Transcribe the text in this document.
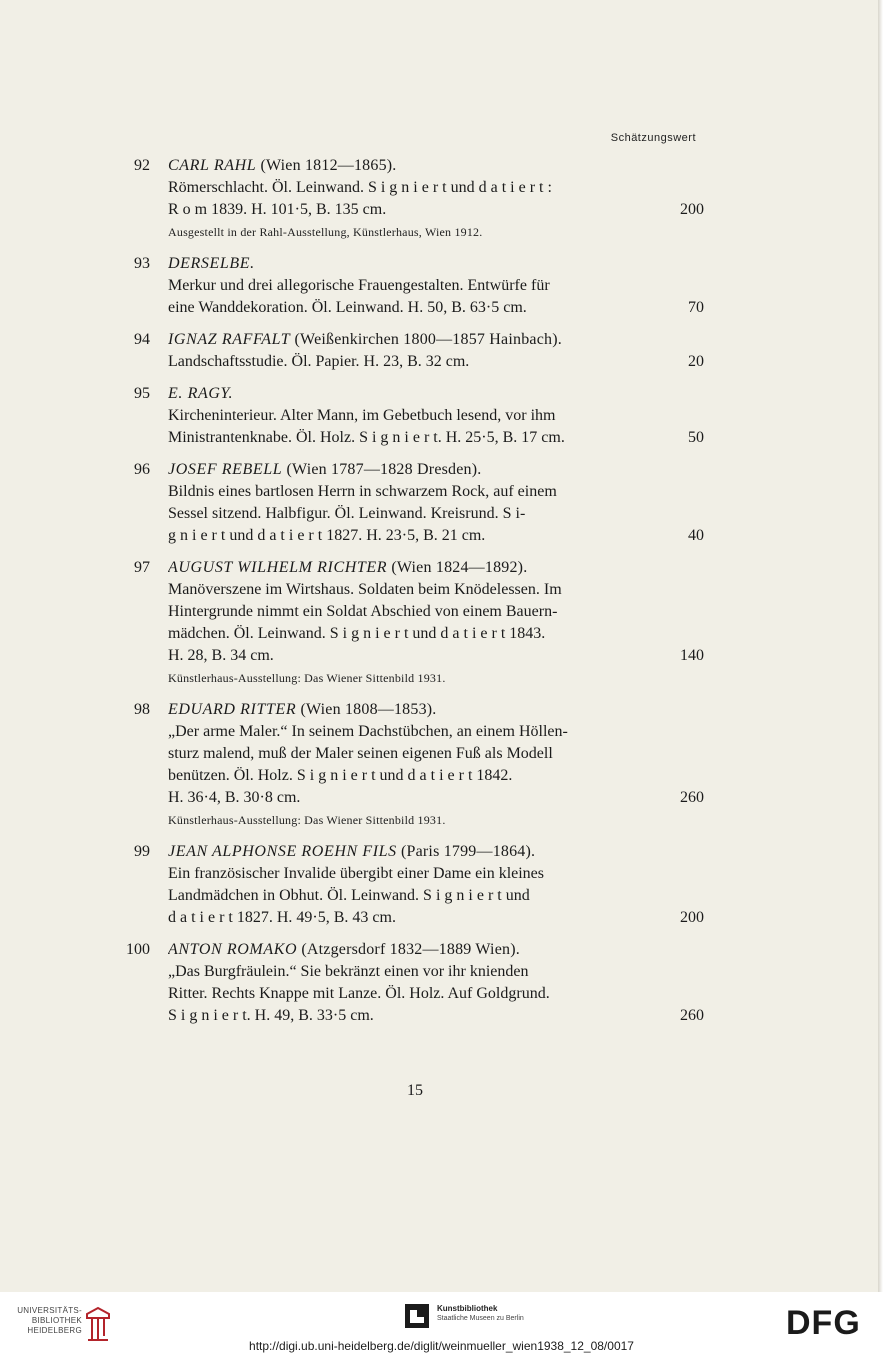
Schätzungswert
92 CARL RAHL (Wien 1812—1865).
Römerschlacht. Öl. Leinwand. S i g n i e r t und d a t i e r t :
R o m 1839. H. 101·5, B. 135 cm.
Ausgestellt in der Rahl-Ausstellung, Künstlerhaus, Wien 1912.
200
93 DERSELBE.
Merkur und drei allegorische Frauengestalten. Entwürfe für
eine Wanddekoration. Öl. Leinwand. H. 50, B. 63·5 cm.	70
94 IGNAZ RAFFALT (Weißenkirchen 1800—1857 Hainbach).
Landschaftsstudie. Öl. Papier. H. 23, B. 32 cm.	20
95 E. RAGY.
Kircheninterieur. Alter Mann, im Gebetbuch lesend, vor ihm
Ministrantenknabe. Öl. Holz. S i g n i e r t. H. 25·5, B. 17 cm.	50
96 JOSEF REBELL (Wien 1787—1828 Dresden).
Bildnis eines bartlosen Herrn in schwarzem Rock, auf einem
Sessel sitzend. Halbfigur. Öl. Leinwand. Kreisrund. S i-
g n i e r t und d a t i e r t 1827. H. 23·5, B. 21 cm.	40
97 AUGUST WILHELM RICHTER (Wien 1824—1892).
Manöverszene im Wirtshaus. Soldaten beim Knödelessen. Im
Hintergrunde nimmt ein Soldat Abschied von einem Bauern-
mädchen. Öl. Leinwand. S i g n i e r t und d a t i e r t 1843.
H. 28, B. 34 cm.
Künstlerhaus-Ausstellung: Das Wiener Sittenbild 1931.
140
98 EDUARD RITTER (Wien 1808—1853).
„Der arme Maler.“ In seinem Dachstübchen, an einem Höllen-
sturz malend, muß der Maler seinen eigenen Fuß als Modell
benützen. Öl. Holz. S i g n i e r t und d a t i e r t 1842.
H. 36·4, B. 30·8 cm.
Künstlerhaus-Ausstellung: Das Wiener Sittenbild 1931.
260
99 JEAN ALPHONSE ROEHN FILS (Paris 1799—1864).
Ein französischer Invalide übergibt einer Dame ein kleines
Landmädchen in Obhut. Öl. Leinwand. S i g n i e r t und
d a t i e r t 1827. H. 49·5, B. 43 cm.	200
100 ANTON ROMAKO (Atzgersdorf 1832—1889 Wien).
„Das Burgfräulein.“ Sie bekränzt einen vor ihr knienden
Ritter. Rechts Knappe mit Lanze. Öl. Holz. Auf Goldgrund.
S i g n i e r t. H. 49, B. 33·5 cm.	260
15
UNIVERSITÄTS-
BIBLIOTHEK
HEIDELBERG
Kunstbibliothek
Staatliche Museen zu Berlin	DFG
http://digi.ub.uni-heidelberg.de/diglit/weinmueller_wien1938_12_08/0017
